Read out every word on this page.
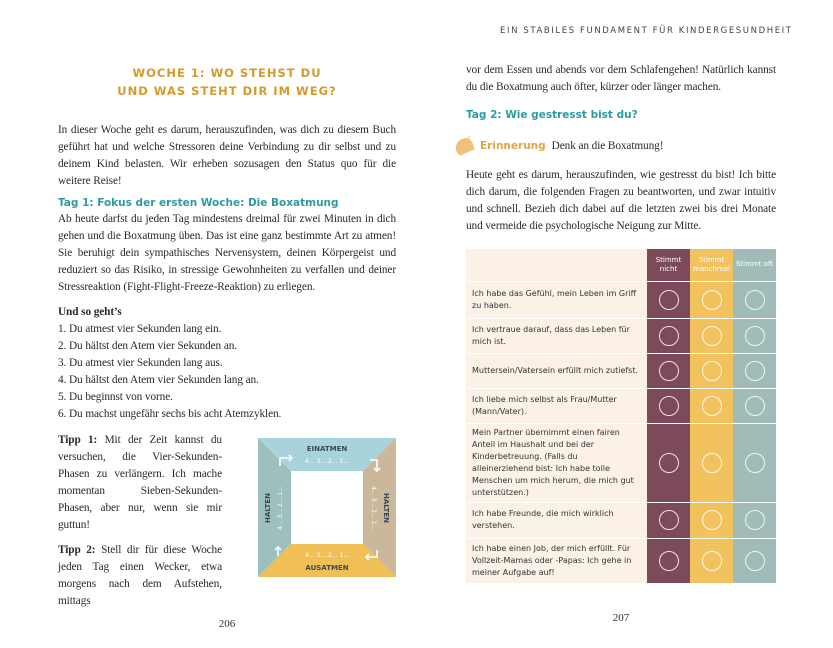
EIN STABILES FUNDAMENT FÜR KINDERGESUNDHEIT
WOCHE 1: WO STEHST DU
UND WAS STEHT DIR IM WEG?
In dieser Woche geht es darum, herauszufinden, was dich zu diesem Buch geführt hat und welche Stressoren deine Verbindung zu dir selbst und zu deinem Kind belasten. Wir erheben sozusagen den Status quo für die weitere Reise!
Tag 1: Fokus der ersten Woche: Die Boxatmung
Ab heute darfst du jeden Tag mindestens dreimal für zwei Minuten in dich gehen und die Boxatmung üben. Das ist eine ganz bestimmte Art zu atmen! Sie beruhigt dein sympathisches Nervensystem, deinen Körpergeist und reduziert so das Risiko, in stressige Gewohnheiten zu verfallen und deiner Stressreaktion (Fight-Flight-Freeze-Reaktion) zu erliegen.
Und so geht’s
1. Du atmest vier Sekunden lang ein.
2. Du hältst den Atem vier Sekunden an.
3. Du atmest vier Sekunden lang aus.
4. Du hältst den Atem vier Sekunden lang an.
5. Du beginnst von vorne.
6. Du machst ungefähr sechs bis acht Atemzyklen.
Tipp 1: Mit der Zeit kannst du versuchen, die Vier-Sekunden-Phasen zu verlängern. Ich mache momentan Sieben-Sekunden-Phasen, aber nur, wenn sie mir guttun!
Tipp 2: Stell dir für diese Woche jeden Tag einen Wecker, etwa morgens nach dem Aufstehen, mittags
EINATMEN
4... 3... 2... 1...
4... 3... 2... 1...
AUSATMEN
HALTEN 4... 3... 2... 1...	HALTEN
4... 3... 2... 1...
206
vor dem Essen und abends vor dem Schlafengehen! Natürlich kannst du die Boxatmung auch öfter, kürzer oder länger machen.
Tag 2: Wie gestresst bist du?
Erinnerung Denk an die Boxatmung!
Heute geht es darum, herauszufinden, wie gestresst du bist! Ich bitte dich darum, die folgenden Fragen zu beantworten, und zwar intuitiv und schnell. Bezieh dich dabei auf die letzten zwei bis drei Monate und vermeide die psychologische Neigung zur Mitte.
	Stimmt nicht	Stimmt manchmal	Stimmt oft
Ich habe das Gefühl, mein Leben im Griff zu haben.			
Ich vertraue darauf, dass das Leben für mich ist.			
Muttersein/Vatersein erfüllt mich zutiefst.			
Ich liebe mich selbst als Frau/Mutter (Mann/Vater).			
Mein Partner übernimmt einen fairen Anteil im Haushalt und bei der Kinderbetreuung. (Falls du alleinerziehend bist: Ich habe tolle Menschen um mich herum, die mich gut unterstützen.)			
Ich habe Freunde, die mich wirklich verstehen.			
Ich habe einen Job, der mich erfüllt. Für Vollzeit-Mamas oder -Papas: Ich gehe in meiner Aufgabe auf!			
207
